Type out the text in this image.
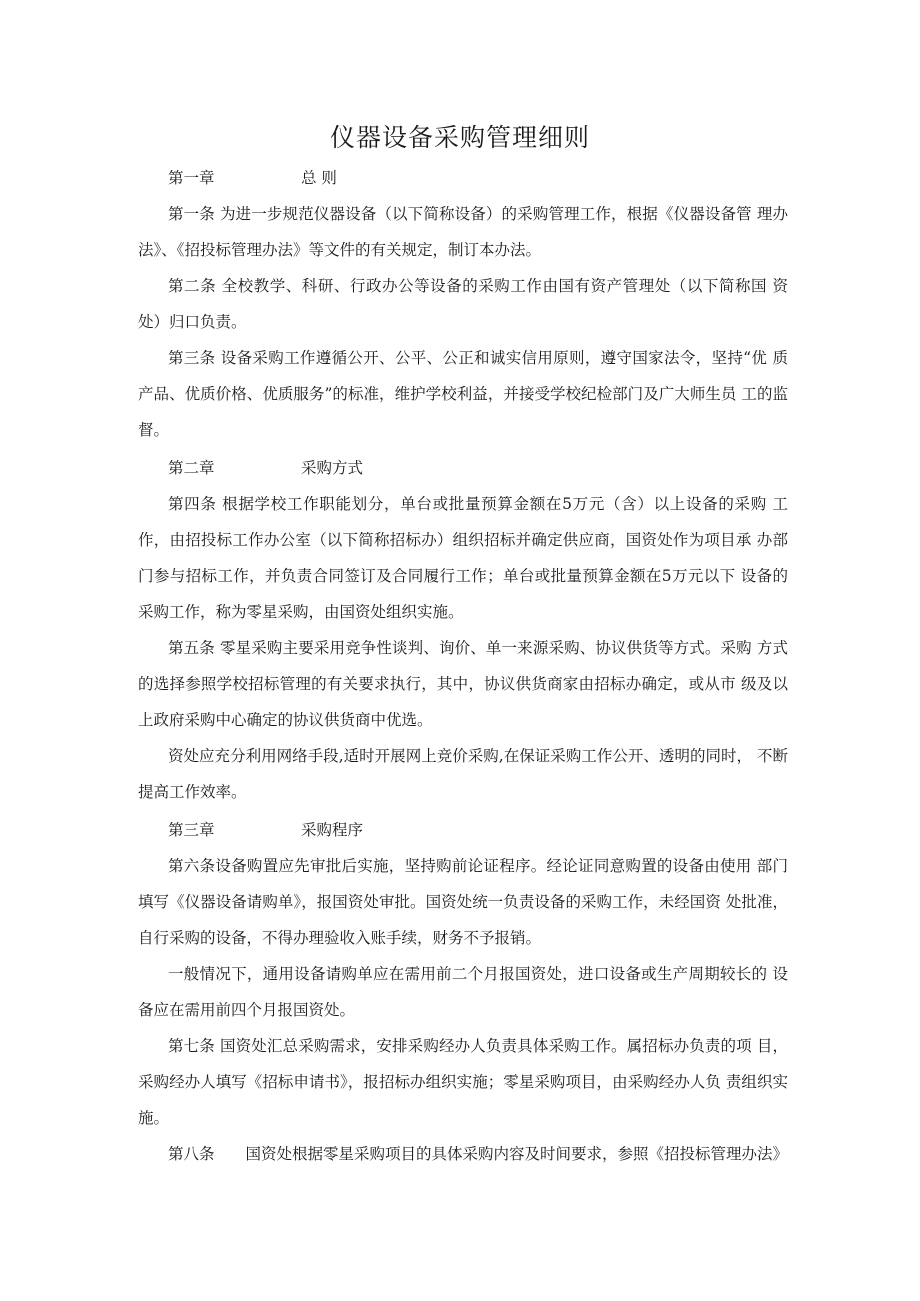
仪器设备采购管理细则
第一章	总 则
第一条 为进一步规范仪器设备（以下简称设备）的采购管理工作，根据《仪器设备管 理办法》、《招投标管理办法》等文件的有关规定，制订本办法。
第二条 全校教学、科研、行政办公等设备的采购工作由国有资产管理处（以下简称国 资处）归口负责。
第三条 设备采购工作遵循公开、公平、公正和诚实信用原则，遵守国家法令，坚持“优 质产品、优质价格、优质服务”的标准，维护学校利益，并接受学校纪检部门及广大师生员 工的监督。
第二章	采购方式
第四条 根据学校工作职能划分，单台或批量预算金额在5万元（含）以上设备的采购 工作，由招投标工作办公室（以下简称招标办）组织招标并确定供应商，国资处作为项目承 办部门参与招标工作，并负责合同签订及合同履行工作；单台或批量预算金额在5万元以下 设备的采购工作，称为零星采购，由国资处组织实施。
第五条 零星采购主要采用竞争性谈判、询价、单一来源采购、协议供货等方式。采购 方式的选择参照学校招标管理的有关要求执行，其中，协议供货商家由招标办确定，或从市 级及以上政府采购中心确定的协议供货商中优选。
资处应充分利用网络手段,适时开展网上竞价采购,在保证采购工作公开、透明的同时， 不断提高工作效率。
第三章	采购程序
第六条设备购置应先审批后实施，坚持购前论证程序。经论证同意购置的设备由使用 部门填写《仪器设备请购单》，报国资处审批。国资处统一负责设备的采购工作，未经国资 处批准，自行采购的设备，不得办理验收入账手续，财务不予报销。
一般情况下，通用设备请购单应在需用前二个月报国资处，进口设备或生产周期较长的 设备应在需用前四个月报国资处。
第七条 国资处汇总采购需求，安排采购经办人负责具体采购工作。属招标办负责的项 目，采购经办人填写《招标申请书》，报招标办组织实施；零星采购项目，由采购经办人负 责组织实施。
第八条　　国资处根据零星采购项目的具体采购内容及时间要求，参照《招投标管理办法》
